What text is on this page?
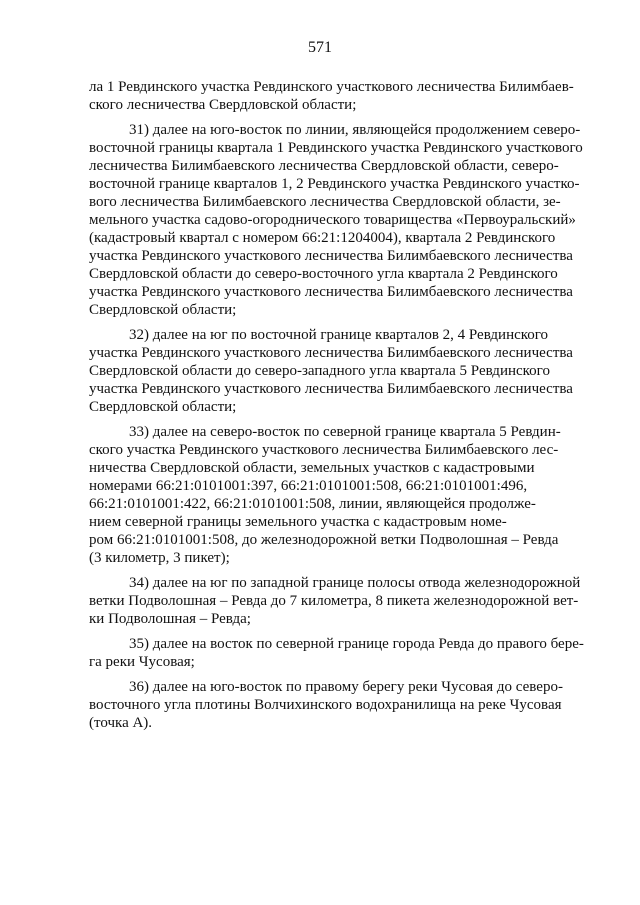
571

ла 1 Ревдинского участка Ревдинского участкового лесничества Билимбаев-
ского лесничества Свердловской области;

31) далее на юго-восток по линии, являющейся продолжением северо-
восточной границы квартала 1 Ревдинского участка Ревдинского участкового
лесничества Билимбаевского лесничества Свердловской области, северо-
восточной границе кварталов 1, 2 Ревдинского участка Ревдинского участко-
вого лесничества Билимбаевского лесничества Свердловской области, зе-
мельного участка садово-огороднического товарищества «Первоуральский»
(кадастровый квартал с номером 66:21:1204004), квартала 2 Ревдинского
участка Ревдинского участкового лесничества Билимбаевского лесничества
Свердловской области до северо-восточного угла квартала 2 Ревдинского
участка Ревдинского участкового лесничества Билимбаевского лесничества
Свердловской области;

32) далее на юг по восточной границе кварталов 2, 4 Ревдинского
участка Ревдинского участкового лесничества Билимбаевского лесничества
Свердловской области до северо-западного угла квартала 5 Ревдинского
участка Ревдинского участкового лесничества Билимбаевского лесничества
Свердловской области;

33) далее на северо-восток по северной границе квартала 5 Ревдин-
ского участка Ревдинского участкового лесничества Билимбаевского лес-
ничества Свердловской области, земельных участков с кадастровыми
номерами 66:21:0101001:397, 66:21:0101001:508, 66:21:0101001:496,
66:21:0101001:422, 66:21:0101001:508, линии, являющейся продолже-
нием северной границы земельного участка с кадастровым номе-
ром 66:21:0101001:508, до железнодорожной ветки Подволошная – Ревда
(3 километр, 3 пикет);

34) далее на юг по западной границе полосы отвода железнодорожной
ветки Подволошная – Ревда до 7 километра, 8 пикета железнодорожной вет-
ки Подволошная – Ревда;

35) далее на восток по северной границе города Ревда до правого бере-
га реки Чусовая;

36) далее на юго-восток по правому берегу реки Чусовая до северо-
восточного угла плотины Волчихинского водохранилища на реке Чусовая
(точка А).
